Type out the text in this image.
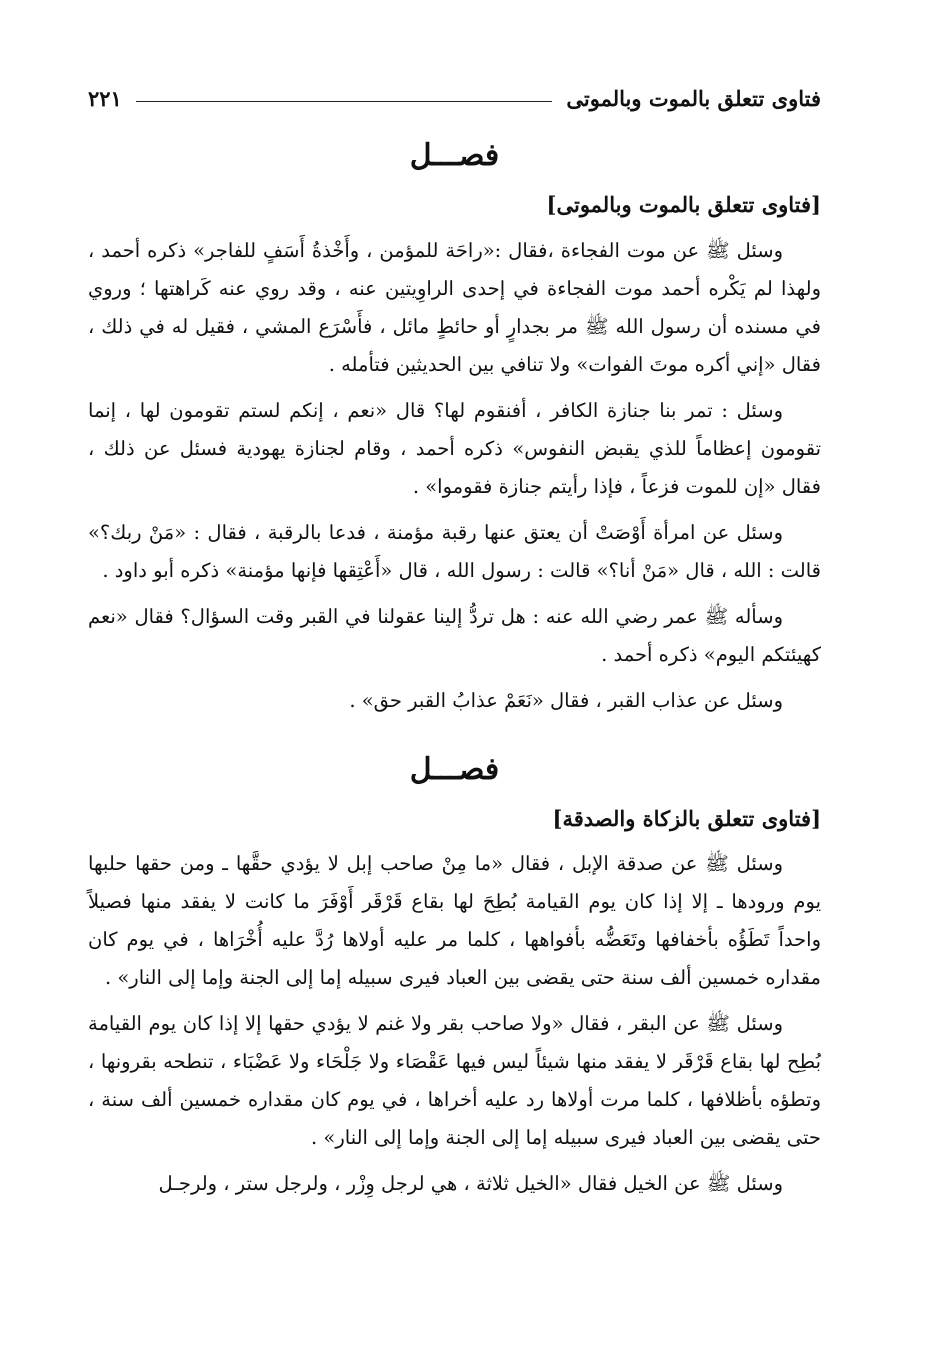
فتاوى تتعلق بالموت وبالموتى
٢٢١
فصـــل
[فتاوى تتعلق بالموت وبالموتى]

وسئل ﷺ عن موت الفجاءة ،فقال :«راحَة للمؤمن ، وأَخْذةُ أَسَفٍ للفاجر» ذكره أحمد ، ولهذا لم يَكْره أحمد موت الفجاءة في إحدى الراوِيتين عنه ، وقد روي عنه كَراهتها ؛ وروي في مسنده أن رسول الله ﷺ مر بجدارٍ أو حائطٍ مائل ، فأَسْرَع المشي ، فقيل له في ذلك ، فقال «إني أكره موتَ الفوات» ولا تنافي بين الحديثين فتأمله .

وسئل : تمر بنا جنازة الكافر ، أفنقوم لها؟ قال «نعم ، إنكم لستم تقومون لها ، إنما تقومون إعظاماً للذي يقبض النفوس» ذكره أحمد ، وقام لجنازة يهودية فسئل عن ذلك ، فقال «إن للموت فزعاً ، فإذا رأيتم جنازة فقوموا» .

وسئل عن امرأة أَوْصَتْ أن يعتق عنها رقبة مؤمنة ، فدعا بالرقبة ، فقال : «مَنْ ربك؟» قالت : الله ، قال «مَنْ أنا؟» قالت : رسول الله ، قال «أَعْتِقها فإنها مؤمنة» ذكره أبو داود .

وسأله ﷺ عمر رضي الله عنه : هل تردُّ إلينا عقولنا في القبر وقت السؤال؟ فقال «نعم كهيئتكم اليوم» ذكره أحمد .

وسئل عن عذاب القبر ، فقال «نَعَمْ عذابُ القبر حق» .

فصـــل
[فتاوى تتعلق بالزكاة والصدقة]

وسئل ﷺ عن صدقة الإبل ، فقال «ما مِنْ صاحب إبل لا يؤدي حقَّها ـ ومن حقها حلبها يوم ورودها ـ إلا إذا كان يوم القيامة بُطِحَ لها بقاع قَرْقَر أَوْفَرَ ما كانت لا يفقد منها فصيلاً واحداً تَطَؤُه بأخفافها وتَعَضُّه بأفواهها ، كلما مر عليه أولاها رُدَّ عليه أُخْرَاها ، في يوم كان مقداره خمسين ألف سنة حتى يقضى بين العباد فيرى سبيله إما إلى الجنة وإما إلى النار» .

وسئل ﷺ عن البقر ، فقال «ولا صاحب بقر ولا غنم لا يؤدي حقها إلا إذا كان يوم القيامة بُطِح لها بقاع قَرْقَر لا يفقد منها شيئاً ليس فيها عَقْصَاء ولا جَلْحَاء ولا عَضْبَاء ، تنطحه بقرونها ، وتطؤه بأظلافها ، كلما مرت أولاها رد عليه أخراها ، في يوم كان مقداره خمسين ألف سنة ، حتى يقضى بين العباد فيرى سبيله إما إلى الجنة وإما إلى النار» .

وسئل ﷺ عن الخيل فقال «الخيل ثلاثة ، هي لرجل وِزْر ، ولرجل ستر ، ولرجـل
